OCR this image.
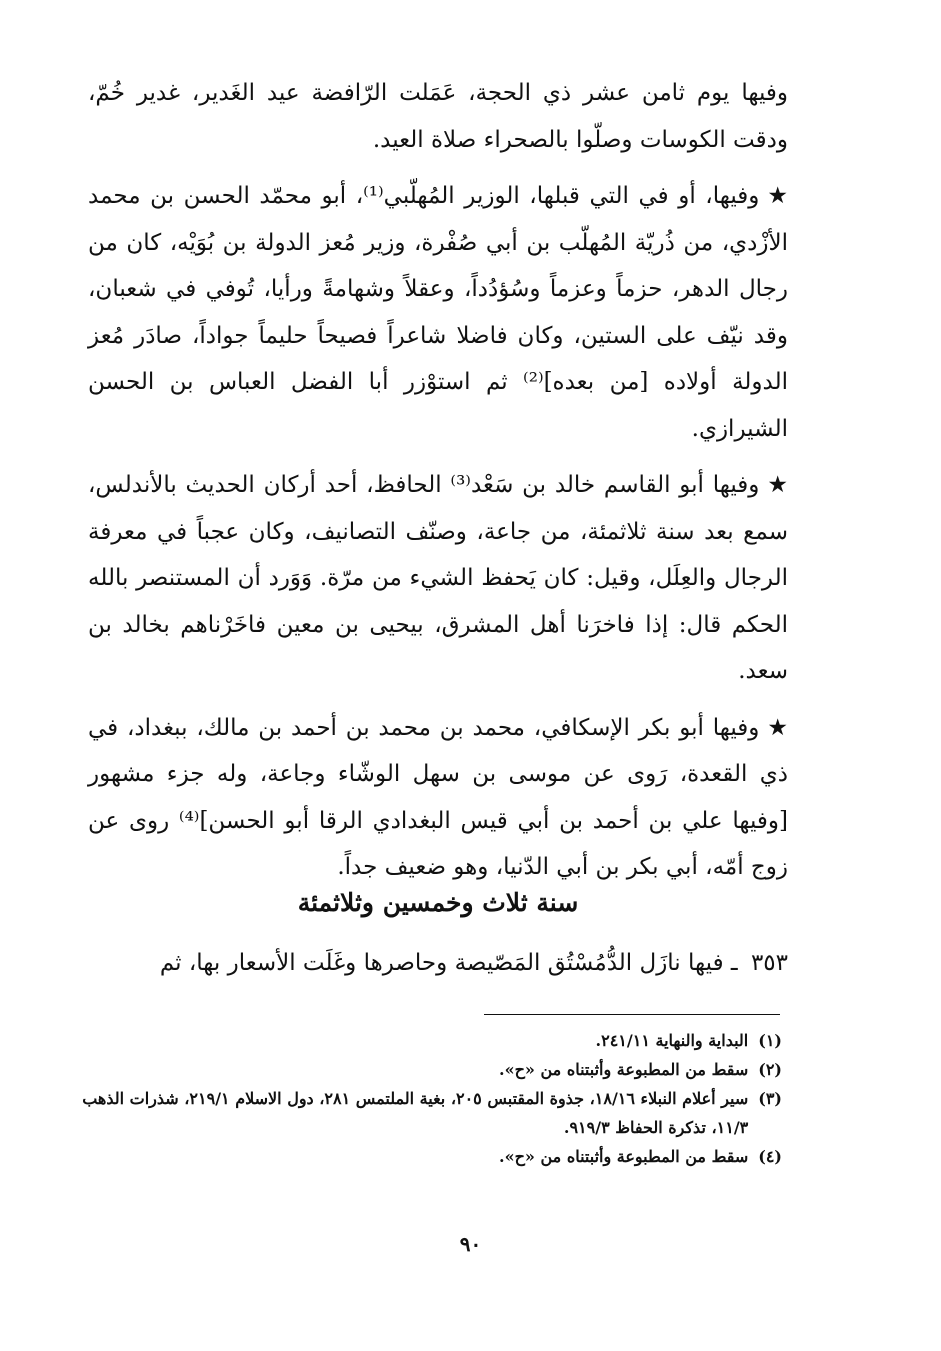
وفيها يوم ثامن عشر ذي الحجة، عَمَلت الرّافضة عيد الغَدير، غدير خُمّ، ودقت الكوسات وصلّوا بالصحراء صلاة العيد.

★وفيها، أو في التي قبلها، الوزير المُهلّبي⁽¹⁾، أبو محمّد الحسن بن محمد الأزْدي، من ذُريّة المُهلّب بن أبي صُفْرة، وزير مُعز الدولة بن بُوَيْه، كان من رجال الدهر، حزماً وعزماً وسُؤدُداً، وعقلاً وشهامةً ورأيا، تُوفي في شعبان، وقد نيّف على الستين، وكان فاضلا شاعراً فصيحاً حليماً جواداً، صادَر مُعز الدولة أولاده [من بعده]⁽²⁾ ثم استوْزر أبا الفضل العباس بن الحسن الشيرازي.

★وفيها أبو القاسم خالد بن سَعْد⁽³⁾ الحافظ، أحد أركان الحديث بالأندلس، سمع بعد سنة ثلاثمئة، من جاعة، وصنّف التصانيف، وكان عجباً في معرفة الرجال والعِلَل، وقيل: كان يَحفظ الشيء من مرّة. وَوَرد أن المستنصر بالله الحكم قال: إذا فاخرَنا أهل المشرق، بيحيى بن معين فاخَرْناهم بخالد بن سعد.

★وفيها أبو بكر الإسكافي، محمد بن محمد بن أحمد بن مالك، ببغداد، في ذي القعدة، رَوى عن موسى بن سهل الوشّاء وجاعة، وله جزء مشهور [وفيها علي بن أحمد بن أبي قيس البغدادي الرقا أبو الحسن]⁽⁴⁾ روى عن زوج أمّه، أبي بكر بن أبي الدّنيا، وهو ضعيف جداً.

سنة ثلاث وخمسين وثلاثمئة

٣٥٣ ـ فيها نازَل الدُّمُسْتُق المَصّيصة وحاصرها وغَلَت الأسعار بها، ثم

(١)
البداية والنهاية ٢٤١/١١.
(٢)
سقط من المطبوعة وأثبتناه من «ح».
(٣)
سير أعلام النبلاء ١٨/١٦، جذوة المقتبس ٢٠٥، بغية الملتمس ٢٨١، دول الاسلام ٢١٩/١، شذرات الذهب ١١/٣، تذكرة الحفاظ ٩١٩/٣.
(٤)
سقط من المطبوعة وأثبتناه من «ح».
٩٠
